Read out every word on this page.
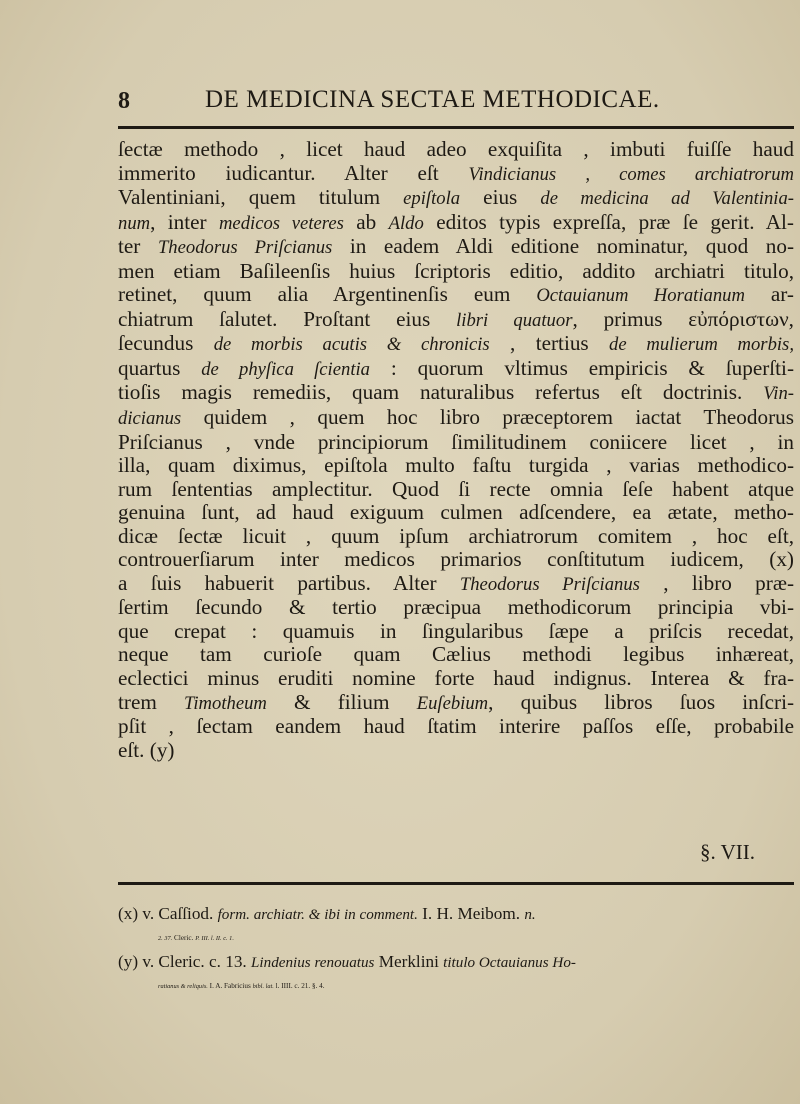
8	DE MEDICINA SECTAE METHODICAE.
ſectæ methodo , licet haud adeo exquiſita , imbuti fuiſſe haud
immerito iudicantur. Alter eſt Vindicianus , comes archiatrorum
Valentiniani, quem titulum epiſtola eius de medicina ad Valentinia-
num, inter medicos veteres ab Aldo editos typis expreſſa, præ ſe gerit. Al-
ter Theodorus Priſcianus in eadem Aldi editione nominatur, quod no-
men etiam Baſileenſis huius ſcriptoris editio, addito archiatri titulo,
retinet, quum alia Argentinenſis eum Octauianum Horatianum ar-
chiatrum ſalutet. Proſtant eius libri quatuor, primus εὐπόριστων,
ſecundus de morbis acutis & chronicis , tertius de mulierum morbis,
quartus de phyſica ſcientia : quorum vltimus empiricis & ſuperſti-
tioſis magis remediis, quam naturalibus refertus eſt doctrinis. Vin-
dicianus quidem , quem hoc libro præceptorem iactat Theodorus
Priſcianus , vnde principiorum ſimilitudinem coniicere licet , in
illa, quam diximus, epiſtola multo faſtu turgida , varias methodico-
rum ſententias amplectitur. Quod ſi recte omnia ſeſe habent atque
genuina ſunt, ad haud exiguum culmen adſcendere, ea ætate, metho-
dicæ ſectæ licuit , quum ipſum archiatrorum comitem , hoc eſt,
controuerſiarum inter medicos primarios conſtitutum iudicem, (x)
a ſuis habuerit partibus. Alter Theodorus Priſcianus , libro præ-
ſertim ſecundo & tertio præcipua methodicorum principia vbi-
que crepat : quamuis in ſingularibus ſæpe a priſcis recedat,
neque tam curioſe quam Cælius methodi legibus inhæreat,
eclectici minus eruditi nomine forte haud indignus. Interea & fra-
trem Timotheum & filium Euſebium, quibus libros ſuos inſcri-
pſit , ſectam eandem haud ſtatim interire paſſos eſſe, probabile
eſt. (y)
§. VII.
(x) v. Caſſiod. form. archiatr. & ibi in comment. I. H. Meibom. n.
2. 37. Cleric. P. III. l. II. c. 1.
(y) v. Cleric. c. 13. Lindenius renouatus Merklini titulo Octauianus Ho-
ratianus & reliquis. I. A. Fabricius bibl. lat. l. IIII. c. 21. §. 4.
